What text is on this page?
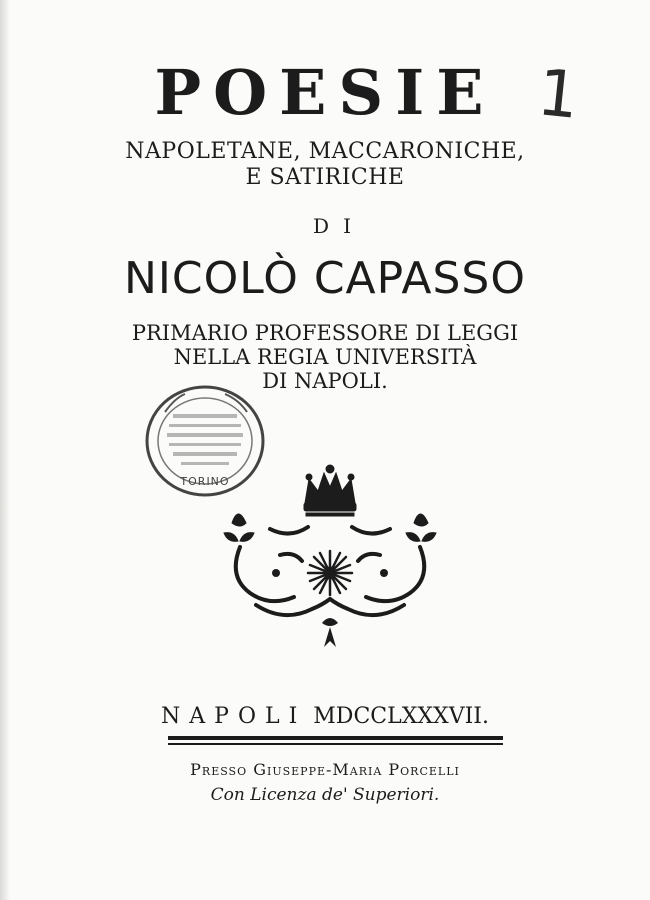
POESIE 1
NAPOLETANE, MACCARONICHE,
E SATIRICHE
DI
NICOLÒ CAPASSO
PRIMARIO PROFESSORE DI LEGGI
NELLA REGIA UNIVERSITÀ
DI NAPOLI.
TORINO
NAPOLI MDCCLXXXVII.
Presso Giuseppe-Maria Porcelli
Con Licenza de' Superiori.
